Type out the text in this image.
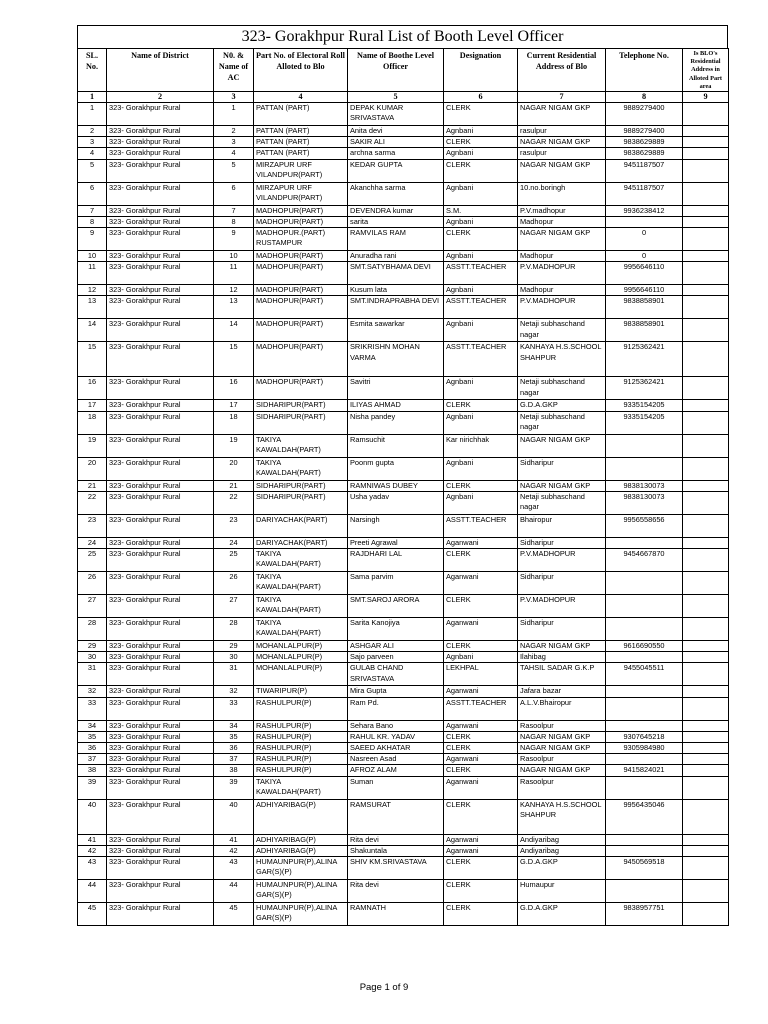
323- Gorakhpur Rural List of Booth Level Officer
SL. No.	Name of District	N0. & Name of AC	Part No. of Electoral Roll Alloted to Blo	Name of Boothe Level Officer	Designation	Current Residential Address of Blo	Telephone No.	Is BLO's Residential Address in Alloted Part area
1	2	3	4	5	6	7	8	9
1	323- Gorakhpur Rural	1	PATTAN (PART)	DEPAK KUMAR SRIVASTAVA	CLERK	NAGAR NIGAM GKP	9889279400	
2	323- Gorakhpur Rural	2	PATTAN (PART)	Anita devi	Agnbani	rasulpur	9889279400	
3	323- Gorakhpur Rural	3	PATTAN (PART)	SAKIR ALI	CLERK	NAGAR NIGAM GKP	9838629889	
4	323- Gorakhpur Rural	4	PATTAN (PART)	archna sarma	Agnbani	rasulpur	9838629889	
5	323- Gorakhpur Rural	5	MIRZAPUR URF VILANDPUR(PART)	KEDAR GUPTA	CLERK	NAGAR NIGAM GKP	9451187507	
6	323- Gorakhpur Rural	6	MIRZAPUR URF VILANDPUR(PART)	Akanchha sarma	Agnbani	10.no.boringh	9451187507	
7	323- Gorakhpur Rural	7	MADHOPUR(PART)	DEVENDRA kumar	S.M.	P.V.madhopur	9936238412	
8	323- Gorakhpur Rural	8	MADHOPUR(PART)	sarita	Agnbani	Madhopur		
9	323- Gorakhpur Rural	9	MADHOPUR.(PART) RUSTAMPUR	RAMVILAS RAM	CLERK	NAGAR NIGAM GKP	0	
10	323- Gorakhpur Rural	10	MADHOPUR(PART)	Anuradha rani	Agnbani	Madhopur	0	
11	323- Gorakhpur Rural	11	MADHOPUR(PART)	SMT.SATYBHAMA DEVI	ASSTT.TEACHER	P.V.MADHOPUR	9956646110	
12	323- Gorakhpur Rural	12	MADHOPUR(PART)	Kusum lata	Agnbani	Madhopur	9956646110	
13	323- Gorakhpur Rural	13	MADHOPUR(PART)	SMT.INDRAPRABHA DEVI	ASSTT.TEACHER	P.V.MADHOPUR	9838858901	
14	323- Gorakhpur Rural	14	MADHOPUR(PART)	Esmita sawarkar	Agnbani	Netaji subhaschand nagar	9838858901	
15	323- Gorakhpur Rural	15	MADHOPUR(PART)	SRIKRISHN MOHAN VARMA	ASSTT.TEACHER	KANHAYA H.S.SCHOOL SHAHPUR	9125362421	
16	323- Gorakhpur Rural	16	MADHOPUR(PART)	Savitri	Agnbani	Netaji subhaschand nagar	9125362421	
17	323- Gorakhpur Rural	17	SIDHARIPUR(PART)	ILIYAS AHMAD	CLERK	G.D.A.GKP	9335154205	
18	323- Gorakhpur Rural	18	SIDHARIPUR(PART)	Nisha pandey	Agnbani	Netaji subhaschand nagar	9335154205	
19	323- Gorakhpur Rural	19	TAKIYA KAWALDAH(PART)	Ramsuchit	Kar nirichhak	NAGAR NIGAM GKP		
20	323- Gorakhpur Rural	20	TAKIYA KAWALDAH(PART)	Poonm gupta	Agnbani	Sidharipur		
21	323- Gorakhpur Rural	21	SIDHARIPUR(PART)	RAMNIWAS DUBEY	CLERK	NAGAR NIGAM GKP	9838130073	
22	323- Gorakhpur Rural	22	SIDHARIPUR(PART)	Usha yadav	Agnbani	Netaji subhaschand nagar	9838130073	
23	323- Gorakhpur Rural	23	DARIYACHAK(PART)	Narsingh	ASSTT.TEACHER	Bhairopur	9956558656	
24	323- Gorakhpur Rural	24	DARIYACHAK(PART)	Preeti Agrawal	Aganwani	Sidharipur		
25	323- Gorakhpur Rural	25	TAKIYA KAWALDAH(PART)	RAJDHARI LAL	CLERK	P.V.MADHOPUR	9454667870	
26	323- Gorakhpur Rural	26	TAKIYA KAWALDAH(PART)	Sama parvim	Aganwani	Sidharipur		
27	323- Gorakhpur Rural	27	TAKIYA KAWALDAH(PART)	SMT.SAROJ ARORA	CLERK	P.V.MADHOPUR		
28	323- Gorakhpur Rural	28	TAKIYA KAWALDAH(PART)	Sarita Kanojiya	Aganwani	Sidharipur		
29	323- Gorakhpur Rural	29	MOHANLALPUR(P)	ASHGAR ALI	CLERK	NAGAR NIGAM GKP	9616690550	
30	323- Gorakhpur Rural	30	MOHANLALPUR(P)	Sajo parveen	Agnbani	Ilahibag		
31	323- Gorakhpur Rural	31	MOHANLALPUR(P)	GULAB CHAND SRIVASTAVA	LEKHPAL	TAHSIL SADAR G.K.P	9455045511	
32	323- Gorakhpur Rural	32	TIWARIPUR(P)	Mira Gupta	Aganwani	Jafara bazar		
33	323- Gorakhpur Rural	33	RASHULPUR(P)	Ram Pd.	ASSTT.TEACHER	A.L.V.Bhairopur		
34	323- Gorakhpur Rural	34	RASHULPUR(P)	Sehara Bano	Aganwani	Rasoolpur		
35	323- Gorakhpur Rural	35	RASHULPUR(P)	RAHUL KR. YADAV	CLERK	NAGAR NIGAM GKP	9307645218	
36	323- Gorakhpur Rural	36	RASHULPUR(P)	SAEED AKHATAR	CLERK	NAGAR NIGAM GKP	9305984980	
37	323- Gorakhpur Rural	37	RASHULPUR(P)	Nasreen Asad	Aganwani	Rasoolpur		
38	323- Gorakhpur Rural	38	RASHULPUR(P)	AFROZ ALAM	CLERK	NAGAR NIGAM GKP	9415824021	
39	323- Gorakhpur Rural	39	TAKIYA KAWALDAH(PART)	Suman	Aganwani	Rasoolpur		
40	323- Gorakhpur Rural	40	ADHIYARIBAG(P)	RAMSURAT	CLERK	KANHAYA H.S.SCHOOL SHAHPUR	9956435046	
41	323- Gorakhpur Rural	41	ADHIYARIBAG(P)	Rita devi	Aganwani	Andiyaribag		
42	323- Gorakhpur Rural	42	ADHIYARIBAG(P)	Shakuntala	Aganwani	Andiyaribag		
43	323- Gorakhpur Rural	43	HUMAUNPUR(P),ALINA GAR(S)(P)	SHIV KM.SRIVASTAVA	CLERK	G.D.A.GKP	9450569518	
44	323- Gorakhpur Rural	44	HUMAUNPUR(P),ALINA GAR(S)(P)	Rita devi	CLERK	Humaupur		
45	323- Gorakhpur Rural	45	HUMAUNPUR(P),ALINA GAR(S)(P)	RAMNATH	CLERK	G.D.A.GKP	9838957751	
Page 1 of 9
